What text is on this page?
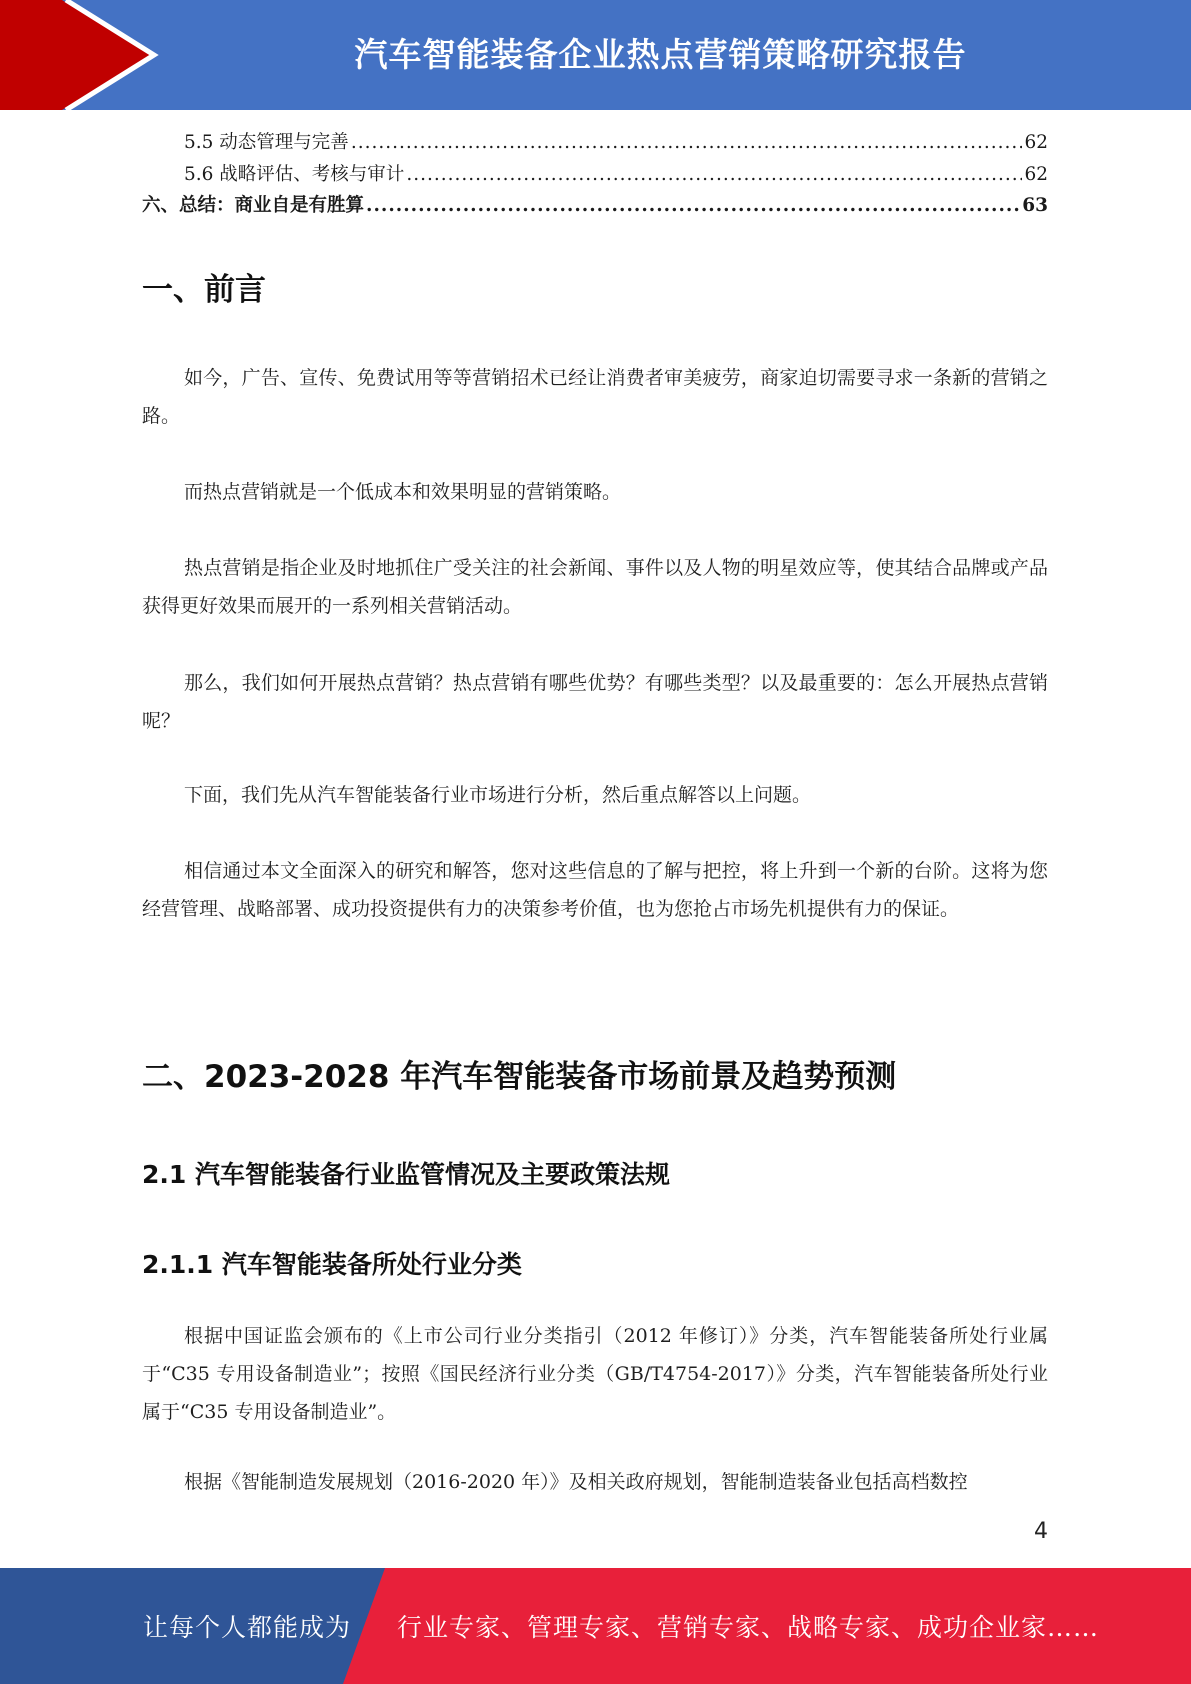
汽车智能装备企业热点营销策略研究报告
5.5 动态管理与完善 .....	62
5.6 战略评估、考核与审计 .....	62
六、总结：商业自是有胜算 .....	63
一、前言

如今，广告、宣传、免费试用等等营销招术已经让消费者审美疲劳，商家迫切需要寻求一条新的营销之路。

而热点营销就是一个低成本和效果明显的营销策略。

热点营销是指企业及时地抓住广受关注的社会新闻、事件以及人物的明星效应等，使其结合品牌或产品获得更好效果而展开的一系列相关营销活动。

那么，我们如何开展热点营销？热点营销有哪些优势？有哪些类型？以及最重要的：怎么开展热点营销呢？

下面，我们先从汽车智能装备行业市场进行分析，然后重点解答以上问题。

相信通过本文全面深入的研究和解答，您对这些信息的了解与把控，将上升到一个新的台阶。这将为您经营管理、战略部署、成功投资提供有力的决策参考价值，也为您抢占市场先机提供有力的保证。

二、2023-2028 年汽车智能装备市场前景及趋势预测
2.1 汽车智能装备行业监管情况及主要政策法规
2.1.1 汽车智能装备所处行业分类

根据中国证监会颁布的《上市公司行业分类指引（2012 年修订）》分类，汽车智能装备所处行业属于“C35 专用设备制造业”；按照《国民经济行业分类（GB/T4754-2017）》分类，汽车智能装备所处行业属于“C35 专用设备制造业”。

根据《智能制造发展规划（2016-2020 年）》及相关政府规划，智能制造装备业包括高档数控

4
让每个人都能成为 行业专家、管理专家、营销专家、战略专家、成功企业家……
